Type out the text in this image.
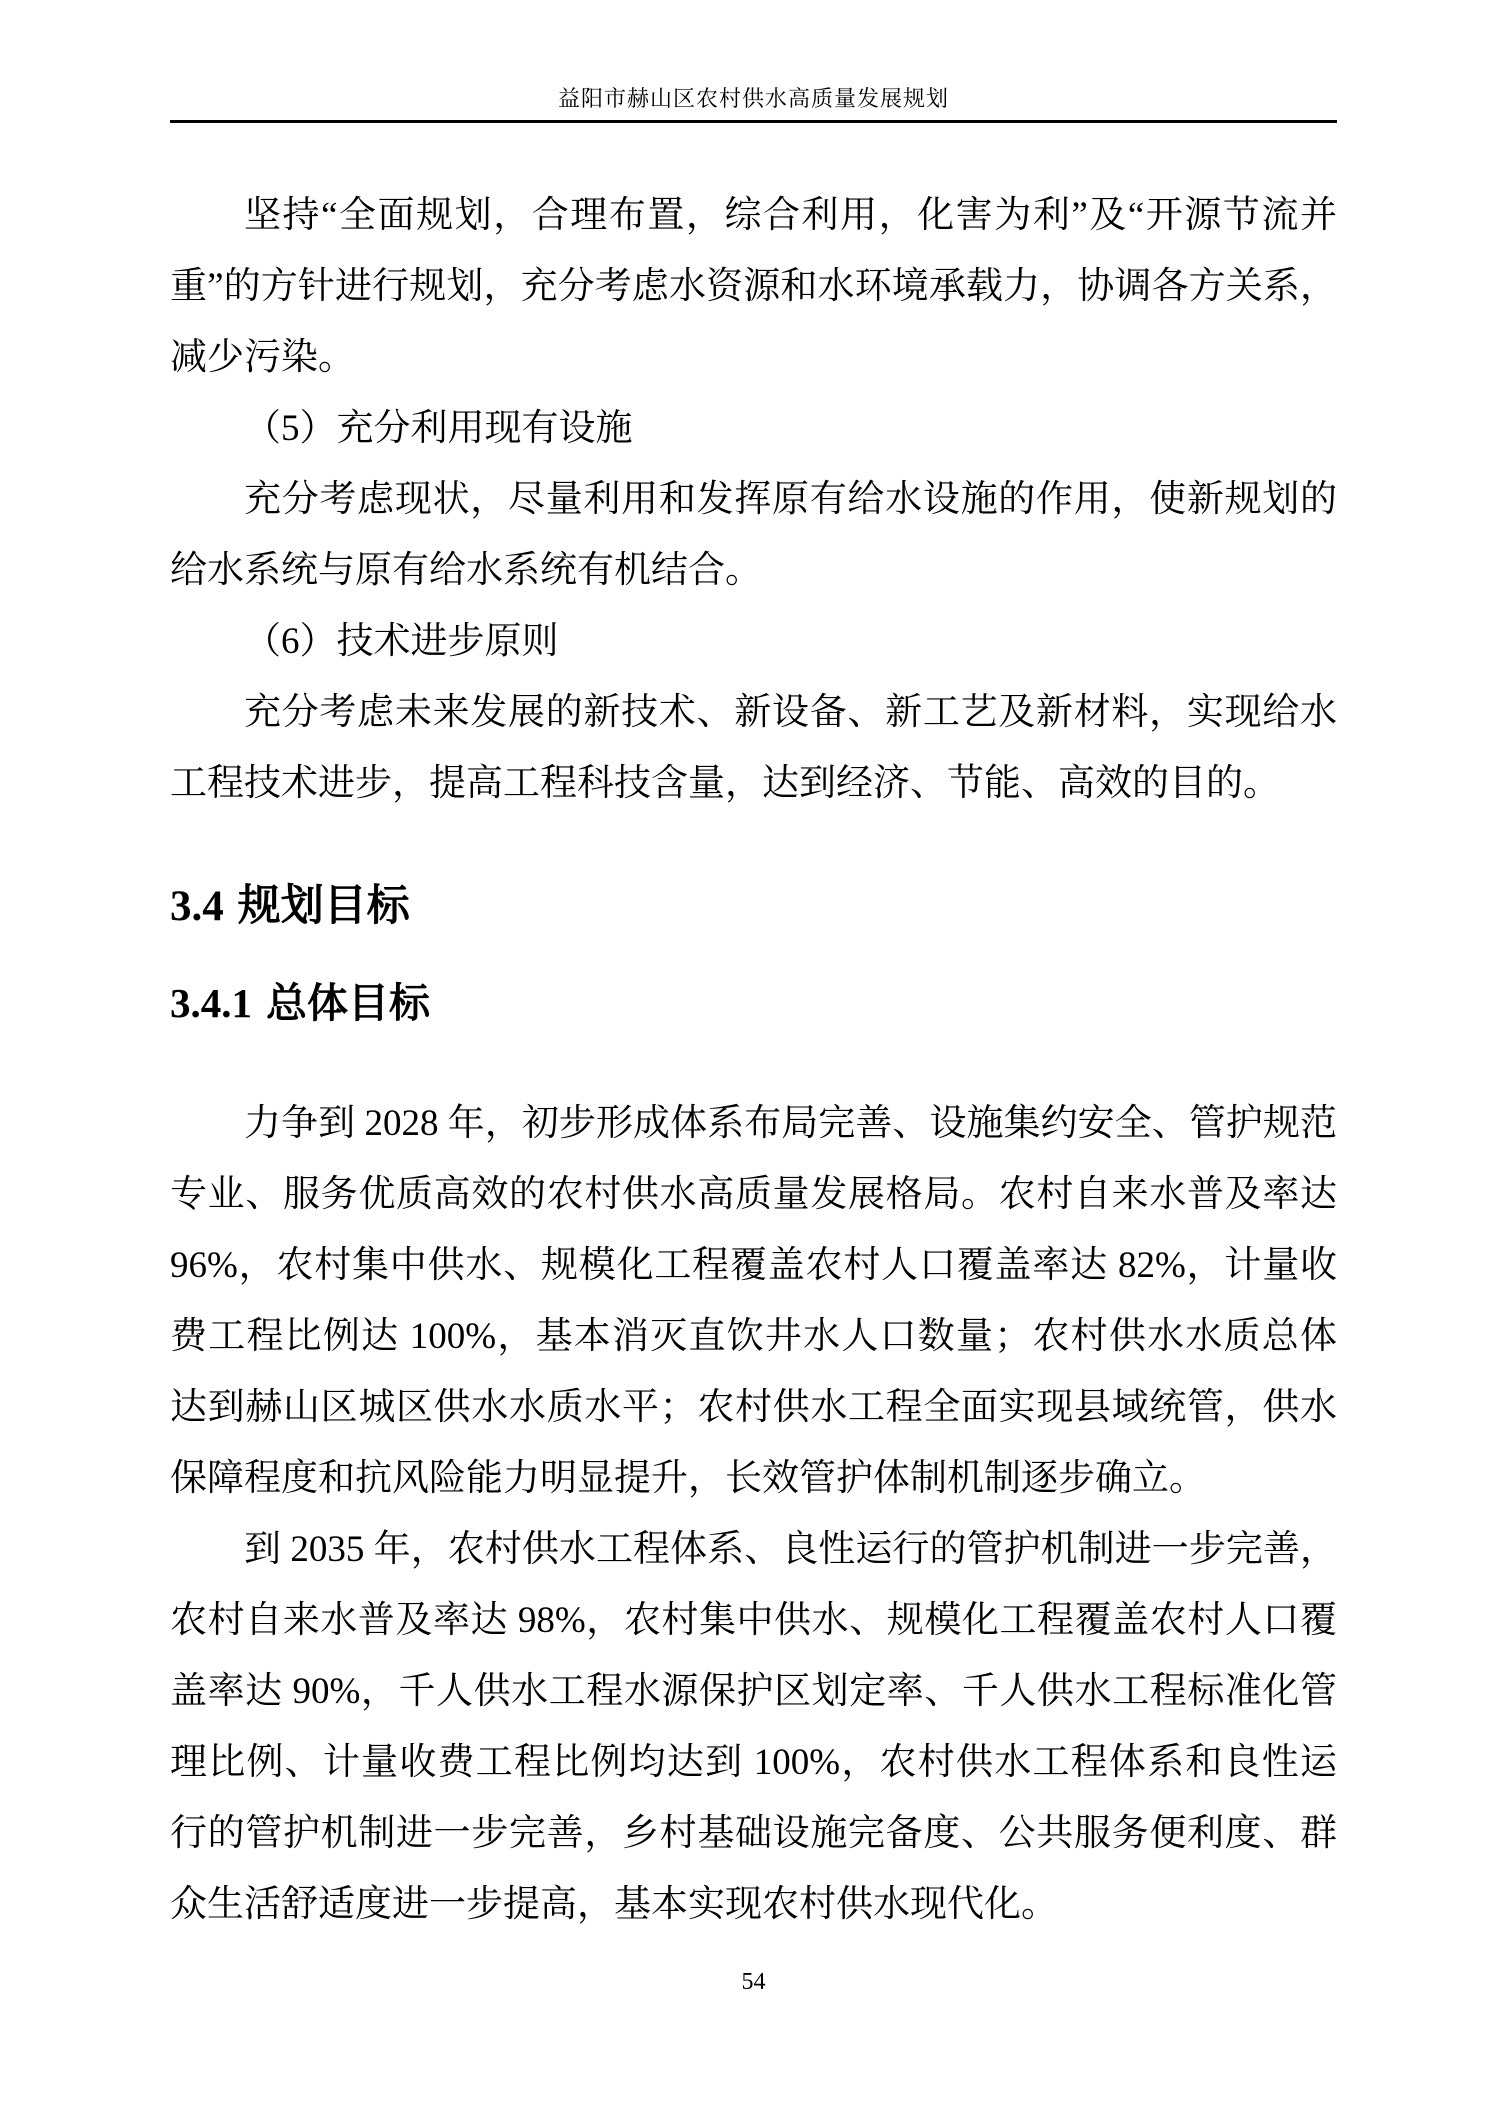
益阳市赫山区农村供水高质量发展规划

坚持“全面规划，合理布置，综合利用，化害为利”及“开源节流并重”的方针进行规划，充分考虑水资源和水环境承载力，协调各方关系，减少污染。

（5）充分利用现有设施

充分考虑现状，尽量利用和发挥原有给水设施的作用，使新规划的给水系统与原有给水系统有机结合。

（6）技术进步原则

充分考虑未来发展的新技术、新设备、新工艺及新材料，实现给水工程技术进步，提高工程科技含量，达到经济、节能、高效的目的。

3.4 规划目标
3.4.1 总体目标

力争到 2028 年，初步形成体系布局完善、设施集约安全、管护规范专业、服务优质高效的农村供水高质量发展格局。农村自来水普及率达 96%，农村集中供水、规模化工程覆盖农村人口覆盖率达 82%，计量收费工程比例达 100%，基本消灭直饮井水人口数量；农村供水水质总体达到赫山区城区供水水质水平；农村供水工程全面实现县域统管，供水保障程度和抗风险能力明显提升，长效管护体制机制逐步确立。

到 2035 年，农村供水工程体系、良性运行的管护机制进一步完善，农村自来水普及率达 98%，农村集中供水、规模化工程覆盖农村人口覆盖率达 90%，千人供水工程水源保护区划定率、千人供水工程标准化管理比例、计量收费工程比例均达到 100%，农村供水工程体系和良性运行的管护机制进一步完善，乡村基础设施完备度、公共服务便利度、群众生活舒适度进一步提高，基本实现农村供水现代化。

54
